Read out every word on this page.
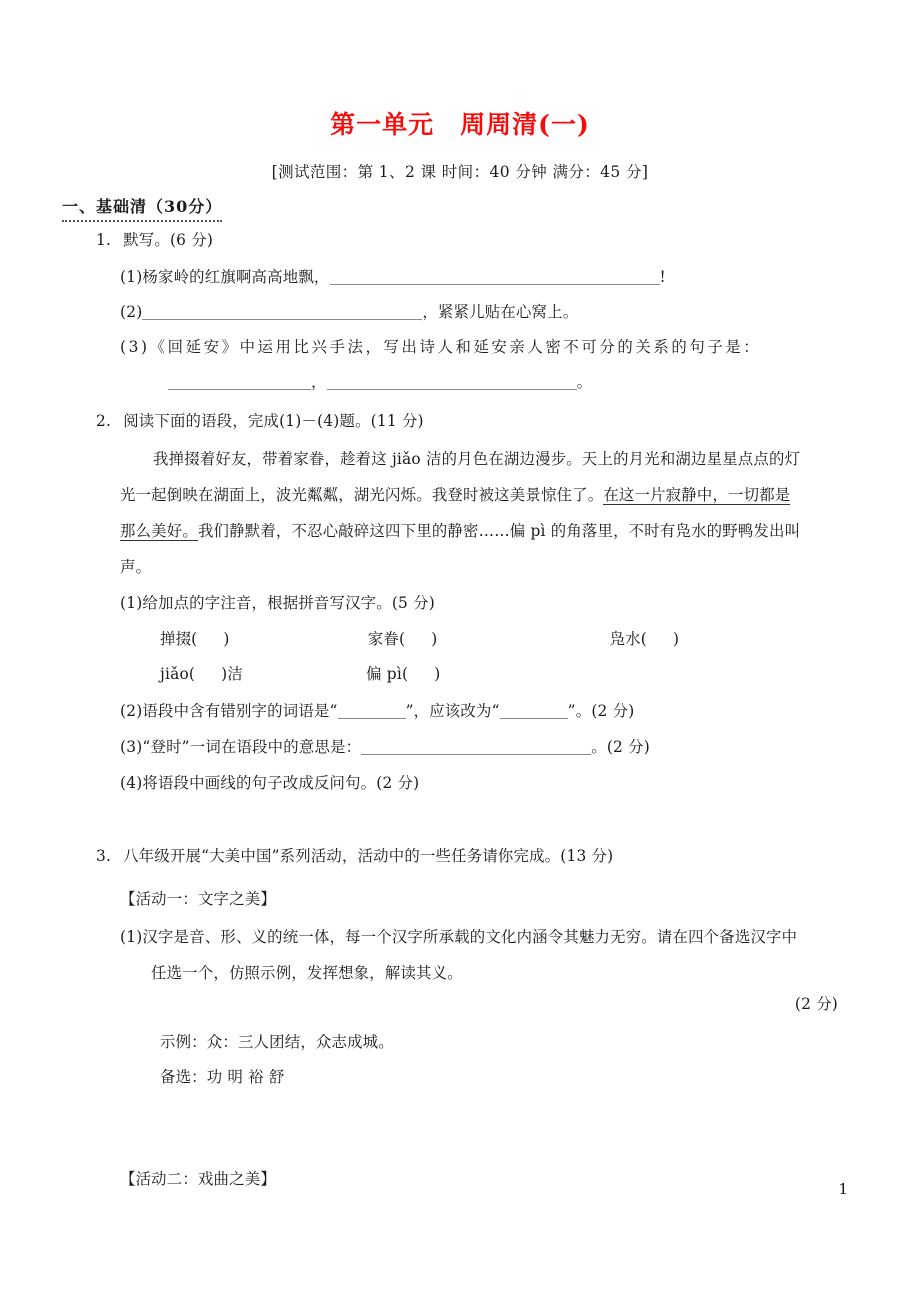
第一单元 周周清(一)
[测试范围：第 1、2 课 时间：40 分钟 满分：45 分]
一、基础清（30分）
1. 默写。(6 分)
(1)杨家岭的红旗啊高高地飘，	!
(2)	，紧紧儿贴在心窝上。
(3)《回延安》中运用比兴手法，写出诗人和延安亲人密不可分的关系的句子是：
，	。
2. 阅读下面的语段，完成(1)－(4)题。(11 分)
我掸掇着好友，带着家眷，趁着这 jiǎo 洁的月色在湖边漫步。天上的月光和湖边星星点点的灯
光一起倒映在湖面上，波光粼粼，湖光闪烁。我登时被这美景惊住了。在这一片寂静中，一切都是
那么美好。我们静默着，不忍心敲碎这四下里的静密……偏 pì 的角落里，不时有凫水的野鸭发出叫
声。
(1)给加点的字注音，根据拼音写汉字。(5 分)
掸掇( )	家眷( )	凫水( )
jiǎo( )洁	偏 pì( )
(2)语段中含有错别字的词语是“	”，应该改为“	”。(2 分)
(3)“登时”一词在语段中的意思是：	。(2 分)
(4)将语段中画线的句子改成反问句。(2 分)
3. 八年级开展“大美中国”系列活动，活动中的一些任务请你完成。(13 分)
【活动一：文字之美】
(1)汉字是音、形、义的统一体，每一个汉字所承载的文化内涵令其魅力无穷。请在四个备选汉字中
任选一个，仿照示例，发挥想象，解读其义。
(2 分)
示例：众：三人团结，众志成城。
备选：功 明 裕 舒
【活动二：戏曲之美】
1
